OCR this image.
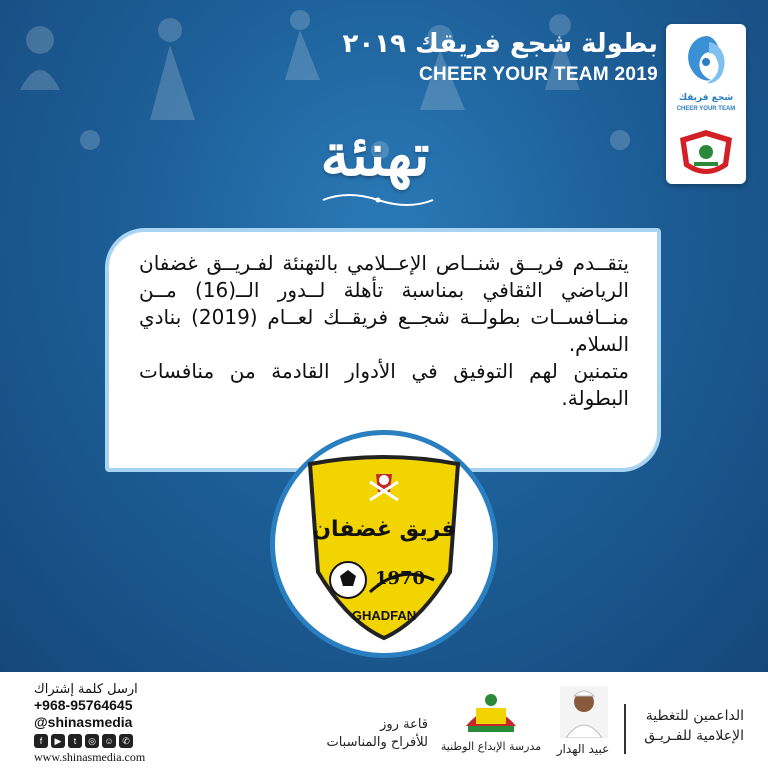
بطولة شجع فريقك ٢٠١٩
CHEER YOUR TEAM 2019
شجع فريقك
CHEER YOUR TEAM
تهنئة

يتقــدم فريــق شنــاص الإعــلامي بالتهنئة لفـريــق غضفان الرياضي الثقافي بمناسبة تأهلة لــدور الــ(16) مــن منــافســات بطولــة شجــع فريقــك لعــام (2019) بنادي السلام.

متمنين لهم التوفيق في الأدوار القادمة من منافسات البطولة.

فريق غضفان
1970
GHADFAN
الداعمين للتغطية
الإعلامية للفـريـق
عبيد الهدار
مدرسة الإبداع الوطنية
قاعة روز
للأفراح والمناسبات
ارسل كلمة إشتراك
+968-95764645
@shinasmedia
f	▶	t	◎ ☺ ✆
www.shinasmedia.com
